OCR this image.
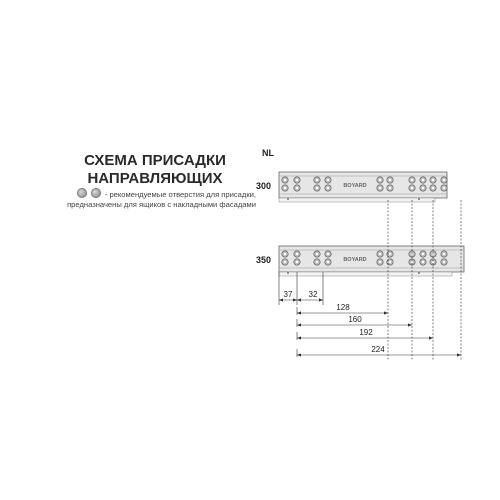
СХЕМА ПРИСАДКИ
НАПРАВЛЯЮЩИХ
- рекомендуемые отверстия для присадки,
предназначены для ящиков с накладными фасадами
NL
300	BOYARD
350	BOYARD
37 32
128
160
192
224
